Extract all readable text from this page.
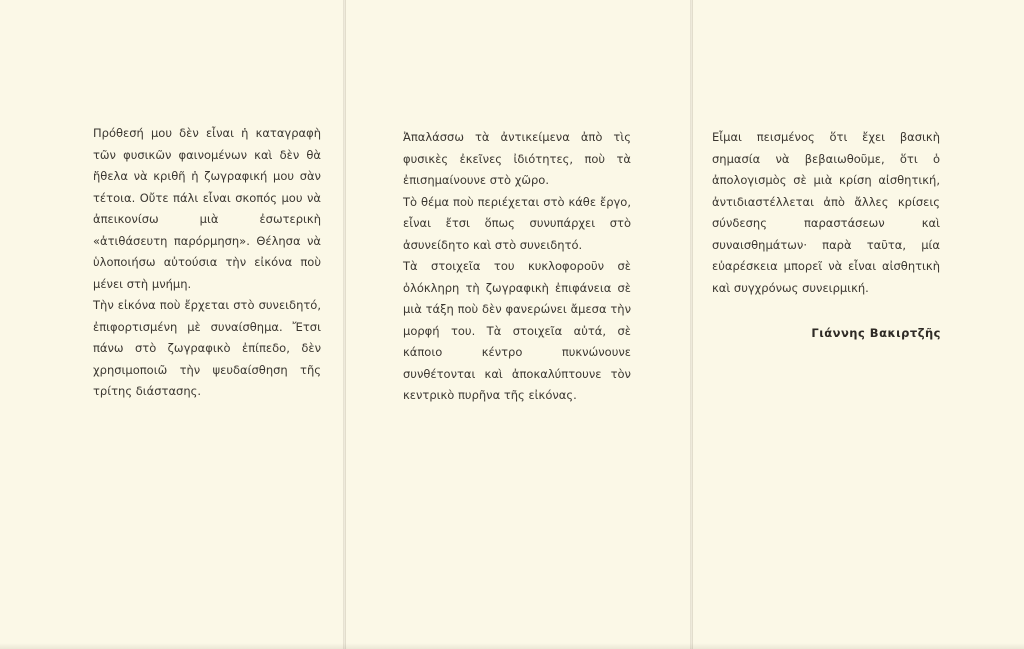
Πρόθεσή μου δὲν εἶναι ἡ καταγραφὴ τῶν φυσικῶν φαινομένων καὶ δὲν θὰ ἤθελα νὰ κριθῆ ἡ ζωγραφική μου σὰν τέτοια. Οὔτε πάλι εἶναι σκοπός μου νὰ ἀπεικονίσω μιὰ ἐσωτερικὴ «ἀτιθάσευτη παρόρμηση». Θέλησα νὰ ὑλοποιήσω αὐτούσια τὴν εἰκόνα ποὺ μένει στὴ μνήμη.

Τὴν εἰκόνα ποὺ ἔρχεται στὸ συνειδητό, ἐπιφορτισμένη μὲ συναίσθημα. Ἔτσι πάνω στὸ ζωγραφικὸ ἐπίπεδο, δὲν χρησιμοποιῶ τὴν ψευδαίσθηση τῆς τρίτης διάστασης.

Ἀπαλάσσω τὰ ἀντικείμενα ἀπὸ τὶς φυσικὲς ἐκεῖνες ἰδιότητες, ποὺ τὰ ἐπισημαίνουνε στὸ χῶρο.

Τὸ θέμα ποὺ περιέχεται στὸ κάθε ἔργο, εἶναι ἔτσι ὅπως συνυπάρχει στὸ ἀσυνείδητο καὶ στὸ συνειδητό.

Τὰ στοιχεῖα του κυκλοφοροῦν σὲ ὁλόκληρη τὴ ζωγραφικὴ ἐπιφάνεια σὲ μιὰ τάξη ποὺ δὲν φανερώνει ἄμεσα τὴν μορφή του. Τὰ στοιχεῖα αὐτά, σὲ κάποιο κέντρο πυκνώνουνε συνθέτονται καὶ ἀποκαλύπτουνε τὸν κεντρικὸ πυρῆνα τῆς εἰκόνας.

Εἶμαι πεισμένος ὅτι ἔχει βασικὴ σημασία νὰ βεβαιωθοῦμε, ὅτι ὁ ἀπολογισμὸς σὲ μιὰ κρίση αἰσθητική, ἀντιδιαστέλλεται ἀπὸ ἄλλες κρίσεις σύνδεσης παραστάσεων καὶ συναισθημάτων· παρὰ ταῦτα, μία εὐαρέσκεια μπορεῖ νὰ εἶναι αἰσθητικὴ καὶ συγχρόνως συνειρμική.

Γιάννης Βακιρτζῆς
